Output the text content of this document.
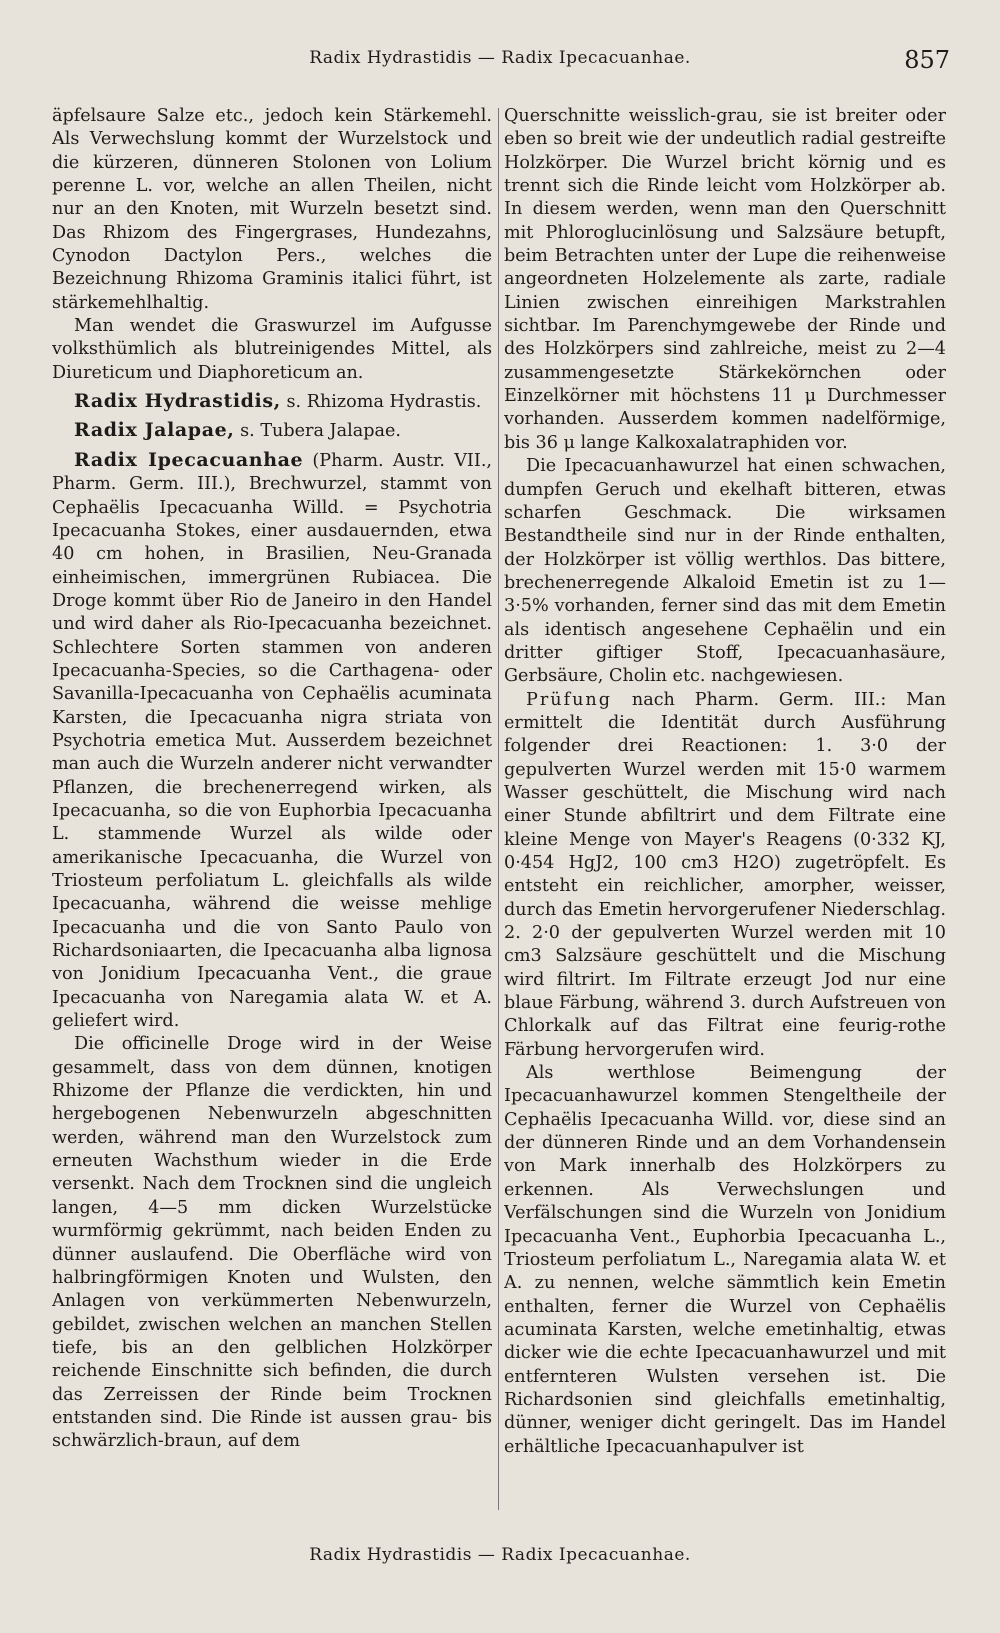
Radix Hydrastidis — Radix Ipecacuanhae.	857

äpfelsaure Salze etc., jedoch kein Stärkemehl. Als Verwechslung kommt der Wurzelstock und die kürzeren, dünneren Stolonen von Lolium perenne L. vor, welche an allen Theilen, nicht nur an den Knoten, mit Wurzeln besetzt sind. Das Rhizom des Fingergrases, Hundezahns, Cynodon Dactylon Pers., welches die Bezeichnung Rhizoma Graminis italici führt, ist stärkemehlhaltig.

Man wendet die Graswurzel im Aufgusse volksthümlich als blutreinigendes Mittel, als Diureticum und Diaphoreticum an.

Radix Hydrastidis, s. Rhizoma Hydrastis.

Radix Jalapae, s. Tubera Jalapae.

Radix Ipecacuanhae (Pharm. Austr. VII., Pharm. Germ. III.), Brechwurzel, stammt von Cephaëlis Ipecacuanha Willd. = Psychotria Ipecacuanha Stokes, einer ausdauernden, etwa 40 cm hohen, in Brasilien, Neu-Granada einheimischen, immergrünen Rubiacea. Die Droge kommt über Rio de Janeiro in den Handel und wird daher als Rio-Ipecacuanha bezeichnet. Schlechtere Sorten stammen von anderen Ipecacuanha-Species, so die Carthagena- oder Savanilla-Ipecacuanha von Cephaëlis acuminata Karsten, die Ipecacuanha nigra striata von Psychotria emetica Mut. Ausserdem bezeichnet man auch die Wurzeln anderer nicht verwandter Pflanzen, die brechenerregend wirken, als Ipecacuanha, so die von Euphorbia Ipecacuanha L. stammende Wurzel als wilde oder amerikanische Ipecacuanha, die Wurzel von Triosteum perfoliatum L. gleichfalls als wilde Ipecacuanha, während die weisse mehlige Ipecacuanha und die von Santo Paulo von Richardsoniaarten, die Ipecacuanha alba lignosa von Jonidium Ipecacuanha Vent., die graue Ipecacuanha von Naregamia alata W. et A. geliefert wird.

Die officinelle Droge wird in der Weise gesammelt, dass von dem dünnen, knotigen Rhizome der Pflanze die verdickten, hin und hergebogenen Nebenwurzeln abgeschnitten werden, während man den Wurzelstock zum erneuten Wachsthum wieder in die Erde versenkt. Nach dem Trocknen sind die ungleich langen, 4—5 mm dicken Wurzelstücke wurmförmig gekrümmt, nach beiden Enden zu dünner auslaufend. Die Oberfläche wird von halbringförmigen Knoten und Wulsten, den Anlagen von verkümmerten Nebenwurzeln, gebildet, zwischen welchen an manchen Stellen tiefe, bis an den gelblichen Holzkörper reichende Einschnitte sich befinden, die durch das Zerreissen der Rinde beim Trocknen entstanden sind. Die Rinde ist aussen grau- bis schwärzlich-braun, auf dem

Querschnitte weisslich-grau, sie ist breiter oder eben so breit wie der undeutlich radial gestreifte Holzkörper. Die Wurzel bricht körnig und es trennt sich die Rinde leicht vom Holzkörper ab. In diesem werden, wenn man den Querschnitt mit Phloroglucinlösung und Salzsäure betupft, beim Betrachten unter der Lupe die reihenweise angeordneten Holzelemente als zarte, radiale Linien zwischen einreihigen Markstrahlen sichtbar. Im Parenchymgewebe der Rinde und des Holzkörpers sind zahlreiche, meist zu 2—4 zusammengesetzte Stärkekörnchen oder Einzelkörner mit höchstens 11 μ Durchmesser vorhanden. Ausserdem kommen nadelförmige, bis 36 μ lange Kalkoxalatraphiden vor.

Die Ipecacuanhawurzel hat einen schwachen, dumpfen Geruch und ekelhaft bitteren, etwas scharfen Geschmack. Die wirksamen Bestandtheile sind nur in der Rinde enthalten, der Holzkörper ist völlig werthlos. Das bittere, brechenerregende Alkaloid Emetin ist zu 1—3·5% vorhanden, ferner sind das mit dem Emetin als identisch angesehene Cephaëlin und ein dritter giftiger Stoff, Ipecacuanhasäure, Gerbsäure, Cholin etc. nachgewiesen.

Prüfung nach Pharm. Germ. III.: Man ermittelt die Identität durch Ausführung folgender drei Reactionen: 1. 3·0 der gepulverten Wurzel werden mit 15·0 warmem Wasser geschüttelt, die Mischung wird nach einer Stunde abfiltrirt und dem Filtrate eine kleine Menge von Mayer's Reagens (0·332 KJ, 0·454 HgJ2, 100 cm3 H2O) zugetröpfelt. Es entsteht ein reichlicher, amorpher, weisser, durch das Emetin hervorgerufener Niederschlag. 2. 2·0 der gepulverten Wurzel werden mit 10 cm3 Salzsäure geschüttelt und die Mischung wird filtrirt. Im Filtrate erzeugt Jod nur eine blaue Färbung, während 3. durch Aufstreuen von Chlorkalk auf das Filtrat eine feurig-rothe Färbung hervorgerufen wird.

Als werthlose Beimengung der Ipecacuanhawurzel kommen Stengeltheile der Cephaëlis Ipecacuanha Willd. vor, diese sind an der dünneren Rinde und an dem Vorhandensein von Mark innerhalb des Holzkörpers zu erkennen. Als Verwechslungen und Verfälschungen sind die Wurzeln von Jonidium Ipecacuanha Vent., Euphorbia Ipecacuanha L., Triosteum perfoliatum L., Naregamia alata W. et A. zu nennen, welche sämmtlich kein Emetin enthalten, ferner die Wurzel von Cephaëlis acuminata Karsten, welche emetinhaltig, etwas dicker wie die echte Ipecacuanhawurzel und mit entfernteren Wulsten versehen ist. Die Richardsonien sind gleichfalls emetinhaltig, dünner, weniger dicht geringelt. Das im Handel erhältliche Ipecacuanhapulver ist

Radix Hydrastidis — Radix Ipecacuanhae.
